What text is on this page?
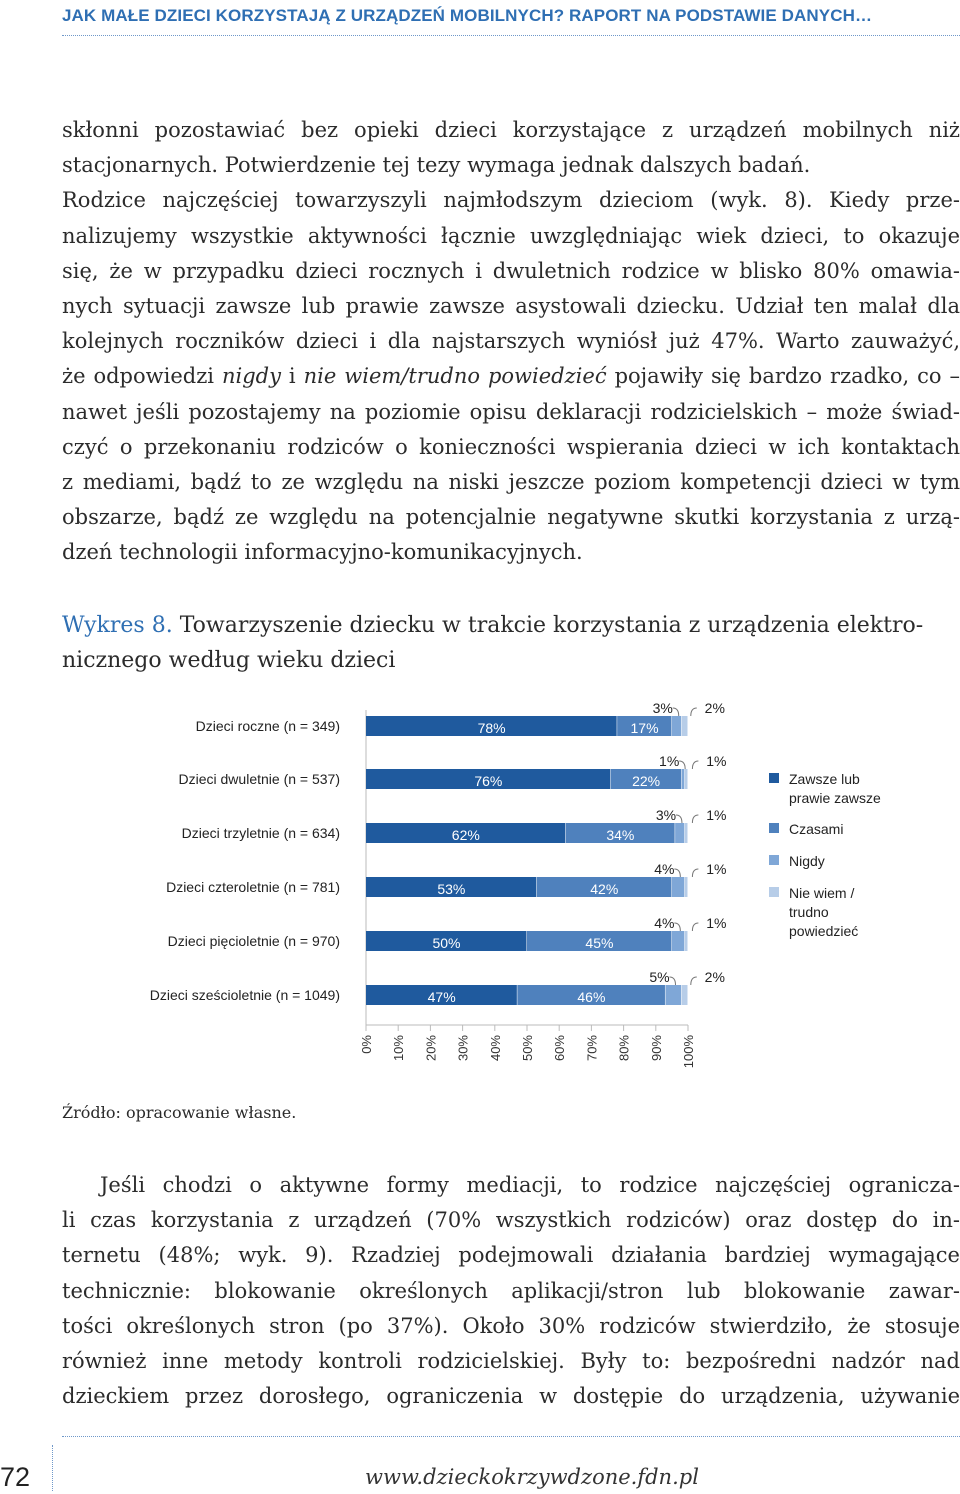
JAK MAŁE DZIECI KORZYSTAJĄ Z URZĄDZEŃ MOBILNYCH? RAPORT NA PODSTAWIE DANYCH…
skłonni pozostawiać bez opieki dzieci korzystające z urządzeń mobilnych niż
stacjonarnych. Potwierdzenie tej tezy wymaga jednak dalszych badań.
Rodzice najczęściej towarzyszyli najmłodszym dzieciom (wyk. 8). Kiedy prze-
nalizujemy wszystkie aktywności łącznie uwzględniając wiek dzieci, to okazuje
się, że w przypadku dzieci rocznych i dwuletnich rodzice w blisko 80% omawia-
nych sytuacji zawsze lub prawie zawsze asystowali dziecku. Udział ten malał dla
kolejnych roczników dzieci i dla najstarszych wyniósł już 47%. Warto zauważyć,
że odpowiedzi nigdy i nie wiem/trudno powiedzieć pojawiły się bardzo rzadko, co –
nawet jeśli pozostajemy na poziomie opisu deklaracji rodzicielskich – może świad-
czyć o przekonaniu rodziców o konieczności wspierania dzieci w ich kontaktach
z mediami, bądź to ze względu na niski jeszcze poziom kompetencji dzieci w tym
obszarze, bądź ze względu na potencjalnie negatywne skutki korzystania z urzą-
dzeń technologii informacyjno-komunikacyjnych.
Wykres 8. Towarzyszenie dziecku w trakcie korzystania z urządzenia elektro-
nicznego według wieku dzieci
0% 10% 20% 30% 40% 50% 60% 70% 80% 90% 100%
Dzieci roczne (n = 349)	78%	17%
3% 2%
Dzieci dwuletnie (n = 537)	76%	22%
1% 1%
Dzieci trzyletnie (n = 634)	62%	34%
3% 1%
Dzieci czteroletnie (n = 781)	53%	42%
4% 1%
Dzieci pięcioletnie (n = 970)	50%	45%
4% 1%
Dzieci sześcioletnie (n = 1049)	47%	46%
5%	2%
Zawsze lub
prawie zawsze
Czasami
Nigdy
Nie wiem /
trudno
powiedzieć
Źródło: opracowanie własne.
Jeśli chodzi o aktywne formy mediacji, to rodzice najczęściej ogranicza-
li czas korzystania z urządzeń (70% wszystkich rodziców) oraz dostęp do in-
ternetu (48%; wyk. 9). Rzadziej podejmowali działania bardziej wymagające
technicznie: blokowanie określonych aplikacji/stron lub blokowanie zawar-
tości określonych stron (po 37%). Około 30% rodziców stwierdziło, że stosuje
również inne metody kontroli rodzicielskiej. Były to: bezpośredni nadzór nad
dzieckiem przez dorosłego, ograniczenia w dostępie do urządzenia, używanie
72	www.dzieckokrzywdzone.fdn.pl
